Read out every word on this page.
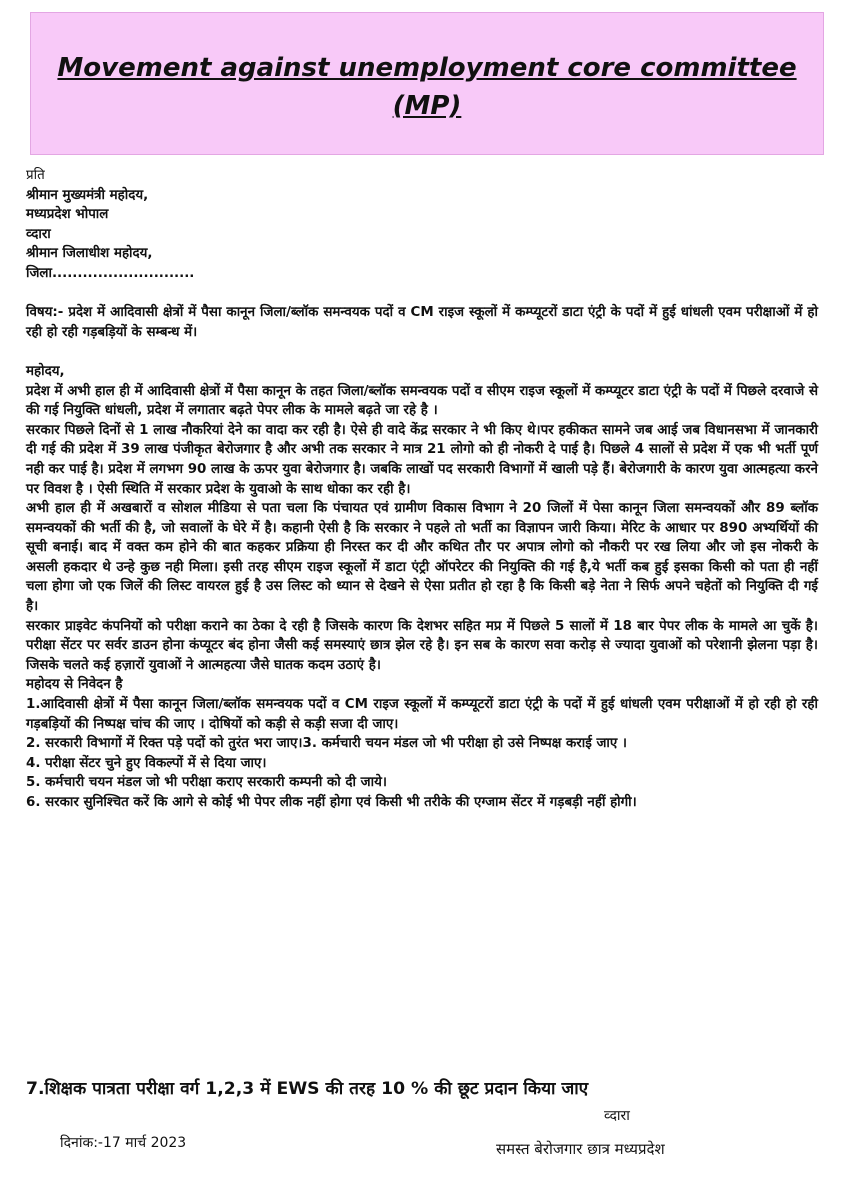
Movement against unemployment core committee
(MP)
प्रति
श्रीमान मुख्यमंत्री महोदय,
मध्यप्रदेश भोपाल
व्दारा
श्रीमान जिलाधीश महोदय,
जिला............................
विषय:- प्रदेश में आदिवासी क्षेत्रों में पैसा कानून जिला/ब्लॉक समन्वयक पदों व CM राइज स्कूलों में कम्प्यूटरों डाटा एंट्री के पदों में हुई धांधली एवम परीक्षाओं में हो रही हो रही गड़बड़ियों के सम्बन्ध में।
महोदय,
प्रदेश में अभी हाल ही में आदिवासी क्षेत्रों में पैसा कानून के तहत जिला/ब्लॉक समन्वयक पदों व सीएम राइज स्कूलों में कम्प्यूटर डाटा एंट्री के पदों में पिछले दरवाजे से की गई नियुक्ति धांधली, प्रदेश में लगातार बढ़ते पेपर लीक के मामले बढ़ते जा रहे है ।
सरकार पिछले दिनों से 1 लाख नौकरियां देने का वादा कर रही है। ऐसे ही वादे केंद्र सरकार ने भी किए थे।पर हकीकत सामने जब आई जब विधानसभा में जानकारी दी गई की प्रदेश में 39 लाख पंजीकृत बेरोजगार है और अभी तक सरकार ने मात्र 21 लोगो को ही नोकरी दे पाई है। पिछले 4 सालों से प्रदेश में एक भी भर्ती पूर्ण नही कर पाई है। प्रदेश में लगभग 90 लाख के ऊपर युवा बेरोजगार है। जबकि लाखों पद सरकारी विभागों में खाली पड़े हैं। बेरोजगारी के कारण युवा आत्महत्या करने पर विवश है । ऐसी स्थिति में सरकार प्रदेश के युवाओ के साथ धोका कर रही है।
अभी हाल ही में अखबारों व सोशल मीडिया से पता चला कि पंचायत एवं ग्रामीण विकास विभाग ने 20 जिलों में पेसा कानून जिला समन्वयकों और 89 ब्लॉक समन्वयकों की भर्ती की है, जो सवालों के घेरे में है। कहानी ऐसी है कि सरकार ने पहले तो भर्ती का विज्ञापन जारी किया। मेरिट के आधार पर 890 अभ्यर्थियों की सूची बनाई। बाद में वक्त कम होने की बात कहकर प्रक्रिया ही निरस्त कर दी और कथित तौर पर अपात्र लोगो को नौकरी पर रख लिया और जो इस नोकरी के असली हकदार थे उन्हे कुछ नही मिला। इसी तरह सीएम राइज स्कूलों में डाटा एंट्री ऑपरेटर की नियुक्ति की गई है,ये भर्ती कब हुई इसका किसी को पता ही नहीं चला होगा जो एक जिलें की लिस्ट वायरल हुई है उस लिस्ट को ध्यान से देखने से ऐसा प्रतीत हो रहा है कि किसी बड़े नेता ने सिर्फ अपने चहेतों को नियुक्ति दी गई है।
सरकार प्राइवेट कंपनियों को परीक्षा कराने का ठेका दे रही है जिसके कारण कि देशभर सहित मप्र में पिछले 5 सालों में 18 बार पेपर लीक के मामले आ चुकें है। परीक्षा सेंटर पर सर्वर डाउन होना कंप्यूटर बंद होना जैसी कई समस्याएं छात्र झेल रहे है। इन सब के कारण सवा करोड़ से ज्यादा युवाओं को परेशानी झेलना पड़ा है। जिसके चलते कई हज़ारों युवाओं ने आत्महत्या जैसे घातक कदम उठाएं है।
महोदय से निवेदन है
1.आदिवासी क्षेत्रों में पैसा कानून जिला/ब्लॉक समन्वयक पदों व CM राइज स्कूलों में कम्प्यूटरों डाटा एंट्री के पदों में हुई धांधली एवम परीक्षाओं में हो रही हो रही गड़बड़ियों की निष्पक्ष चांच की जाए । दोषियों को कड़ी से कड़ी सजा दी जाए।
2. सरकारी विभागों में रिक्त पड़े पदों को तुरंत भरा जाए।3. कर्मचारी चयन मंडल जो भी परीक्षा हो उसे निष्पक्ष कराई जाए ।
4. परीक्षा सेंटर चुने हुए विकल्पों में से दिया जाए।
5. कर्मचारी चयन मंडल जो भी परीक्षा कराए सरकारी कम्पनी को दी जाये।
6. सरकार सुनिश्चित करें कि आगे से कोई भी पेपर लीक नहीं होगा एवं किसी भी तरीके की एग्जाम सेंटर में गड़बड़ी नहीं होगी।
7.शिक्षक पात्रता परीक्षा वर्ग 1,2,3 में EWS की तरह 10 % की छूट प्रदान किया जाए
व्दारा
दिनांक:-17 मार्च 2023	समस्त बेरोजगार छात्र मध्यप्रदेश
